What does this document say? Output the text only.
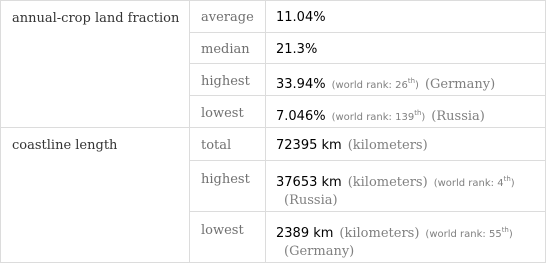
annual-crop land fraction	average	11.04%

	median	21.3%

	highest	33.94% (world rank: 26th) (Germany)

	lowest	7.046% (world rank: 139th) (Russia)

coastline length	total	72395 km (kilometers)

	highest	37653 km (kilometers) (world rank: 4th)
(Russia)

	lowest	2389 km (kilometers) (world rank: 55th)
(Germany)
